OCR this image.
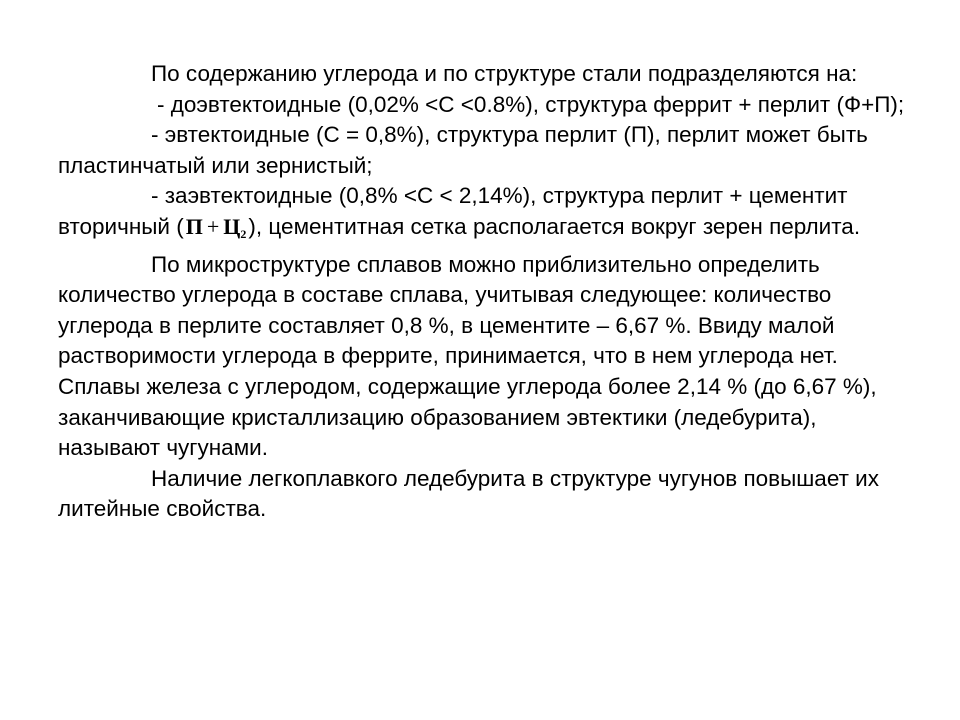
По содержанию углерода и по структуре стали подразделяются на:

- доэвтектоидные (0,02% <С <0.8%), структура феррит + перлит (Ф+П);

- эвтектоидные (С = 0,8%), структура перлит (П), перлит может быть пластинчатый или зернистый;

- заэвтектоидные (0,8% <С < 2,14%), структура перлит + цементит вторичный $(П + Ц_2)$, цементитная сетка располагается вокруг зерен перлита.

По микроструктуре сплавов можно приблизительно определить количество углерода в составе сплава, учитывая следующее: количество углерода в перлите составляет 0,8 %, в цементите – 6,67 %. Ввиду малой растворимости углерода в феррите, принимается, что в нем углерода нет.

Сплавы железа с углеродом, содержащие углерода более 2,14 % (до 6,67 %), заканчивающие кристаллизацию образованием эвтектики (ледебурита), называют чугунами.

Наличие легкоплавкого ледебурита в структуре чугунов повышает их литейные свойства.
